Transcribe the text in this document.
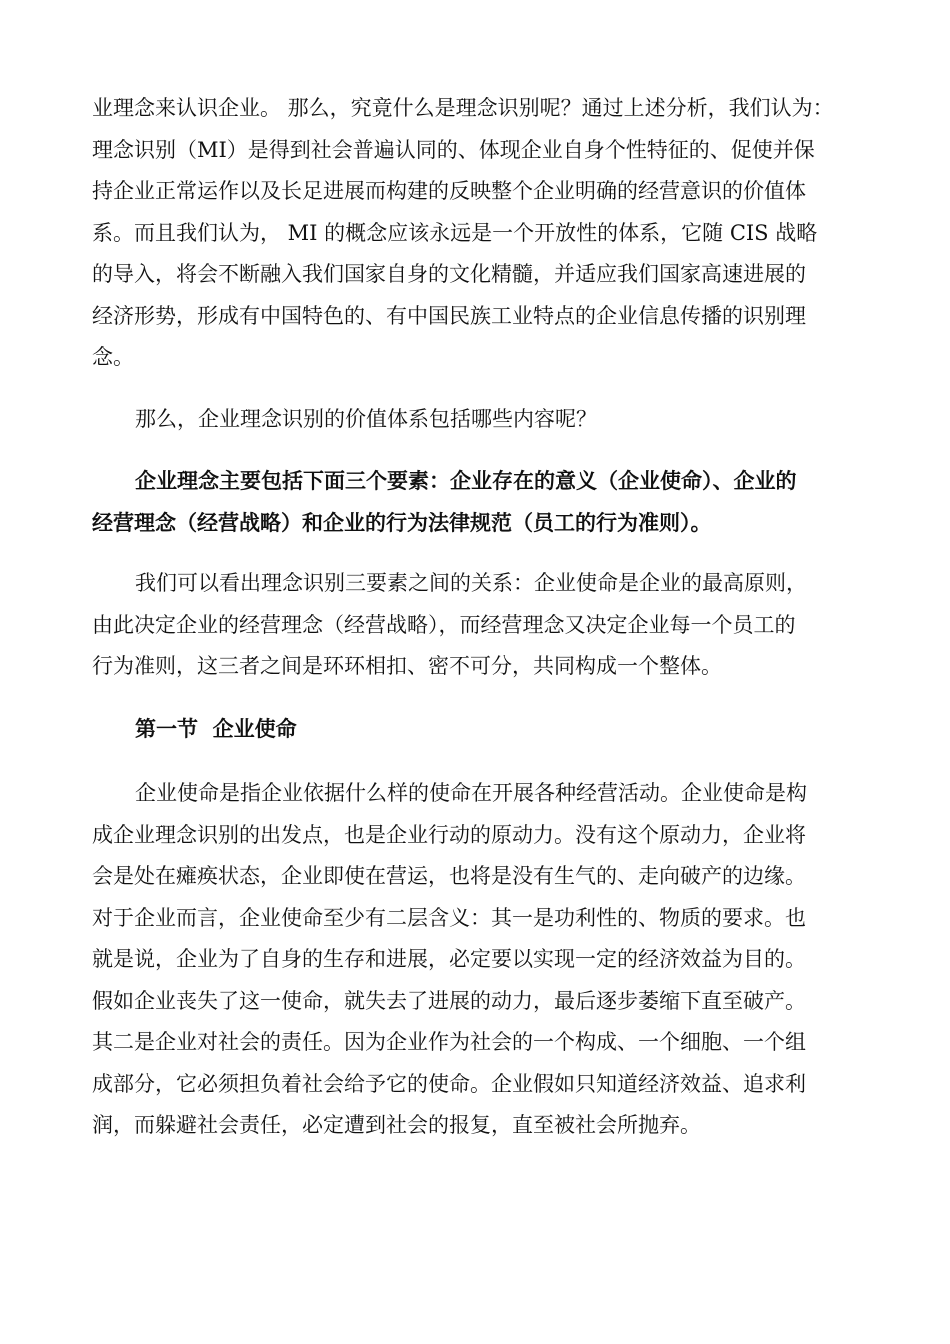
业理念来认识企业。 那么，究竟什么是理念识别呢？通过上述分析，我们认为：
理念识别（MI）是得到社会普遍认同的、体现企业自身个性特征的、促使并保
持企业正常运作以及长足进展而构建的反映整个企业明确的经营意识的价值体
系。而且我们认为， MI 的概念应该永远是一个开放性的体系，它随 CIS 战略
的导入，将会不断融入我们国家自身的文化精髓，并适应我们国家高速进展的
经济形势，形成有中国特色的、有中国民族工业特点的企业信息传播的识别理
念。

那么，企业理念识别的价值体系包括哪些内容呢？

企业理念主要包括下面三个要素：企业存在的意义（企业使命）、企业的
经营理念（经营战略）和企业的行为法律规范（员工的行为准则）。

我们可以看出理念识别三要素之间的关系：企业使命是企业的最高原则，
由此决定企业的经营理念（经营战略），而经营理念又决定企业每一个员工的
行为准则，这三者之间是环环相扣、密不可分，共同构成一个整体。

第一节  企业使命

企业使命是指企业依据什么样的使命在开展各种经营活动。企业使命是构
成企业理念识别的出发点，也是企业行动的原动力。没有这个原动力，企业将
会是处在瘫痪状态，企业即使在营运，也将是没有生气的、走向破产的边缘。
对于企业而言，企业使命至少有二层含义：其一是功利性的、物质的要求。也
就是说，企业为了自身的生存和进展，必定要以实现一定的经济效益为目的。
假如企业丧失了这一使命，就失去了进展的动力，最后逐步萎缩下直至破产。
其二是企业对社会的责任。因为企业作为社会的一个构成、一个细胞、一个组
成部分，它必须担负着社会给予它的使命。企业假如只知道经济效益、追求利
润，而躲避社会责任，必定遭到社会的报复，直至被社会所抛弃。
